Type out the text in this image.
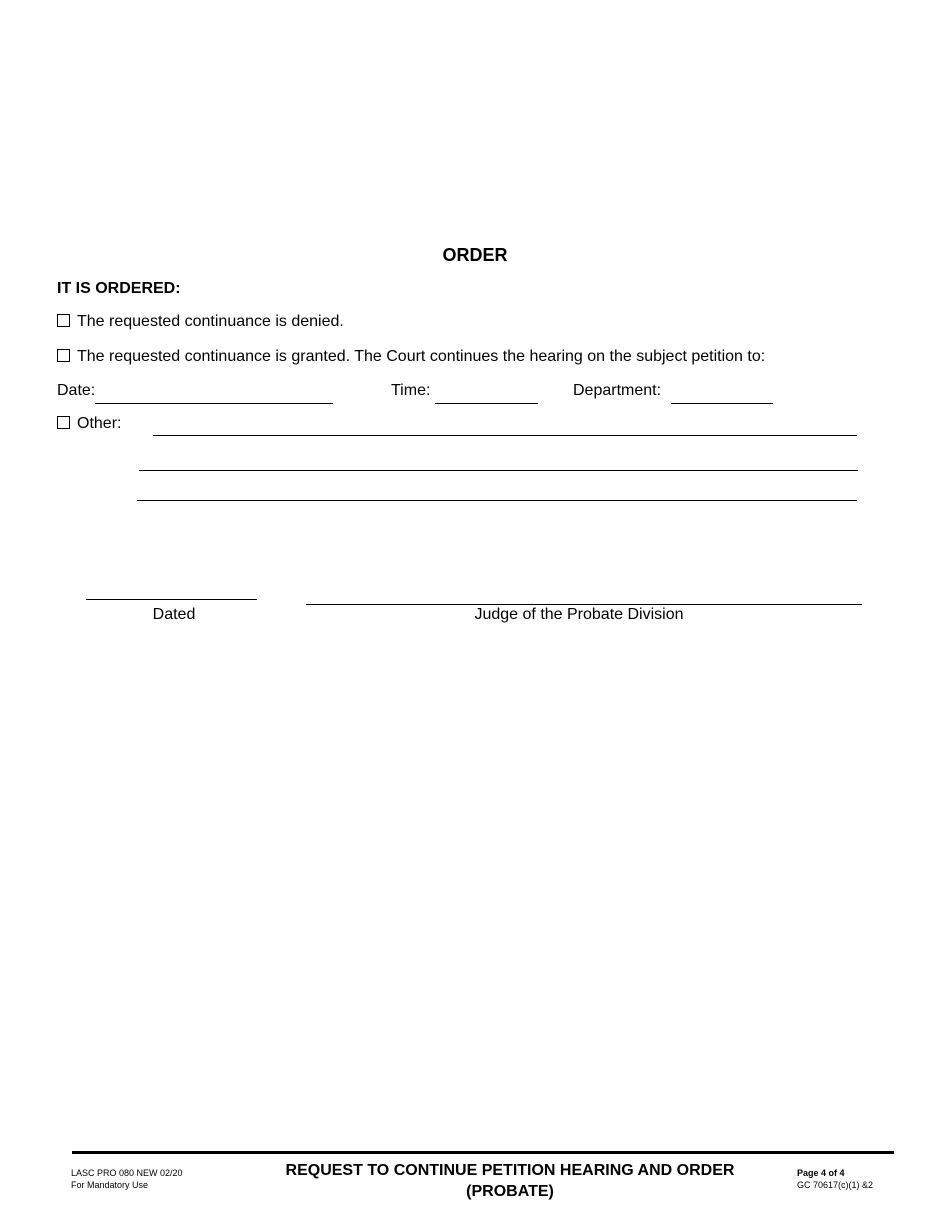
ORDER
IT IS ORDERED:
The requested continuance is denied.
The requested continuance is granted. The Court continues the hearing on the subject petition to:
Date:	Time:	Department:
Other:
Dated	Judge of the Probate Division
LASC PRO 080 NEW 02/20
For Mandatory Use
REQUEST TO CONTINUE PETITION HEARING AND ORDER
(PROBATE)
Page 4 of 4
GC 70617(c)(1) &2
